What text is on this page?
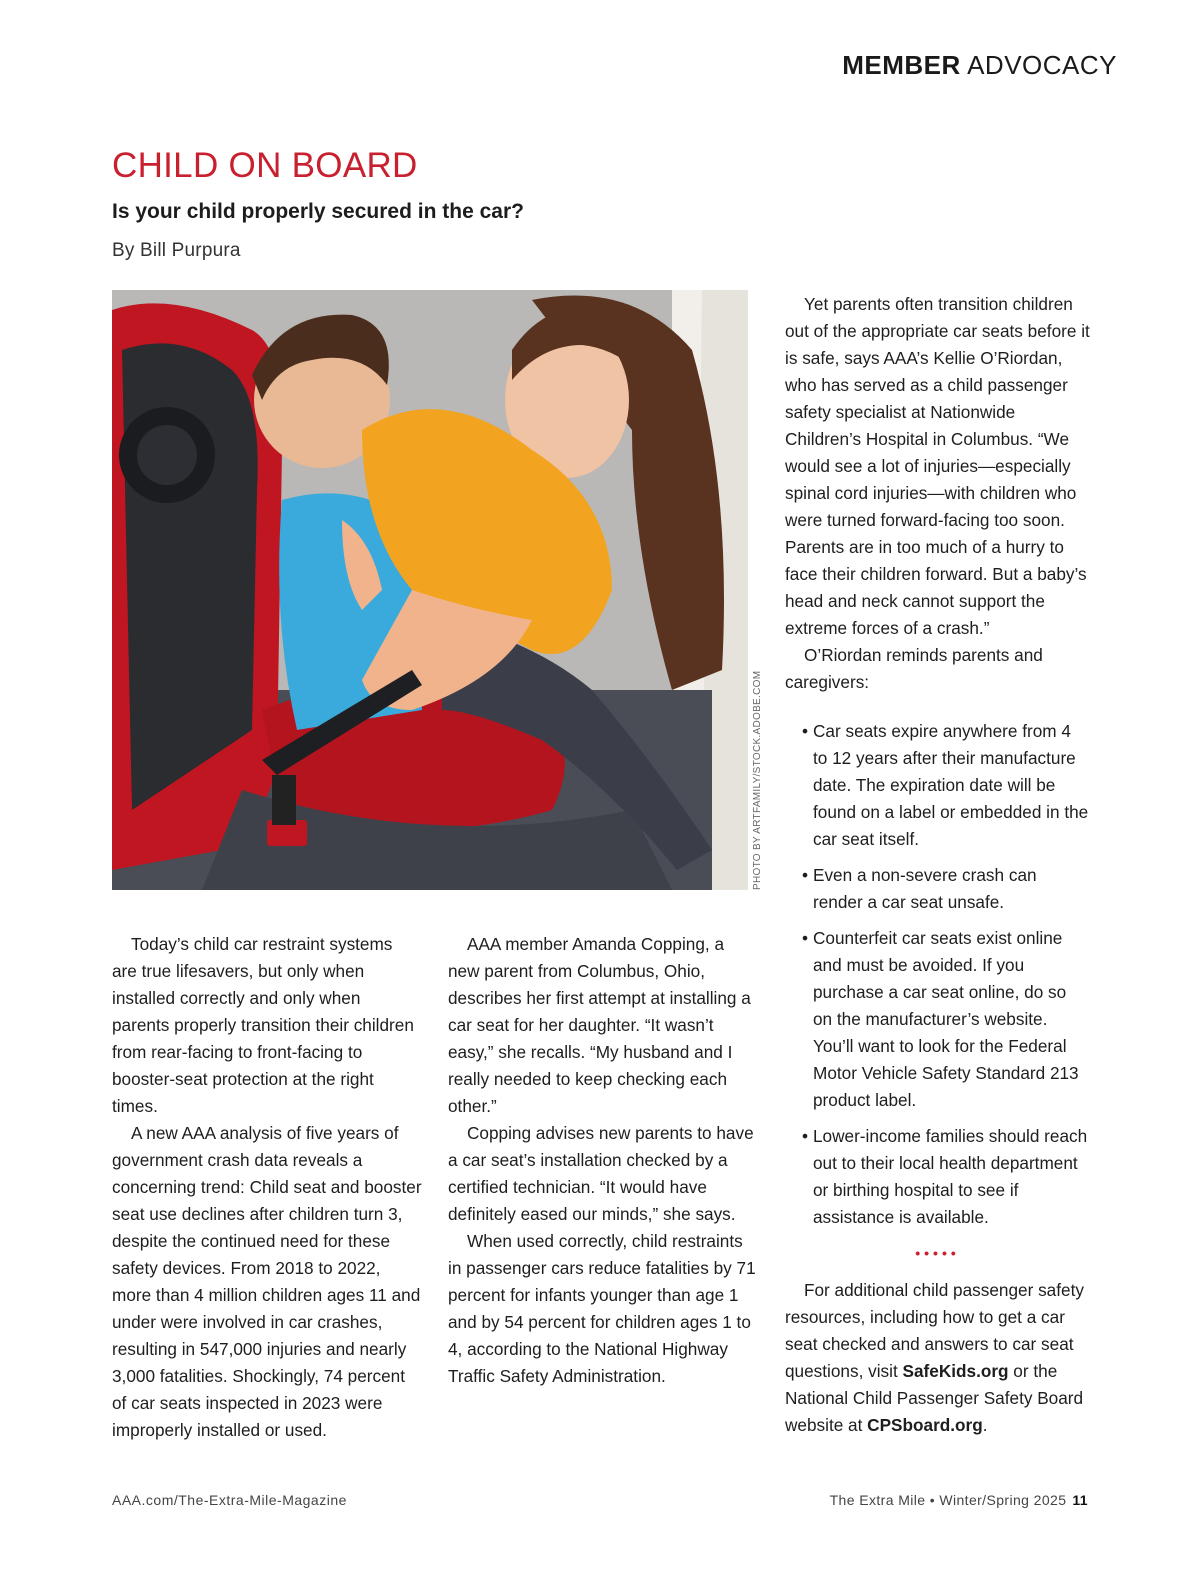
MEMBER ADVOCACY
CHILD ON BOARD
Is your child properly secured in the car?
By Bill Purpura
PHOTO BY ARTFAMILY/STOCK.ADOBE.COM

Today’s child car restraint systems are true lifesavers, but only when installed correctly and only when parents properly transition their children from rear-facing to front-facing to booster-seat protection at the right times.

A new AAA analysis of five years of government crash data reveals a concerning trend: Child seat and booster seat use declines after children turn 3, despite the continued need for these safety devices. From 2018 to 2022, more than 4 million children ages 11 and under were involved in car crashes, resulting in 547,000 injuries and nearly 3,000 fatalities. Shockingly, 74 percent of car seats inspected in 2023 were improperly installed or used.

AAA member Amanda Copping, a new parent from Columbus, Ohio, describes her first attempt at installing a car seat for her daughter. “It wasn’t easy,” she recalls. “My husband and I really needed to keep checking each other.”

Copping advises new parents to have a car seat’s installation checked by a certified technician. “It would have definitely eased our minds,” she says.

When used correctly, child restraints in passenger cars reduce fatalities by 71 percent for infants younger than age 1 and by 54 percent for children ages 1 to 4, according to the National Highway Traffic Safety Administration.

Yet parents often transition children out of the appropriate car seats before it is safe, says AAA’s Kellie O’Riordan, who has served as a child passenger safety specialist at Nationwide Children’s Hospital in Columbus. “We would see a lot of injuries—especially spinal cord injuries—with children who were turned forward-facing too soon. Parents are in too much of a hurry to face their children forward. But a baby’s head and neck cannot support the extreme forces of a crash.”

O’Riordan reminds parents and caregivers:

• Car seats expire anywhere from 4 to 12 years after their manufacture date. The expiration date will be found on a label or embedded in the car seat itself.
• Even a non-severe crash can render a car seat unsafe.
• Counterfeit car seats exist online and must be avoided. If you purchase a car seat online, do so on the manufacturer’s website. You’ll want to look for the Federal Motor Vehicle Safety Standard 213 product label.
• Lower-income families should reach out to their local health department or birthing hospital to see if assistance is available.
•••••

For additional child passenger safety resources, including how to get a car seat checked and answers to car seat questions, visit SafeKids.org or the National Child Passenger Safety Board website at CPSboard.org.

AAA.com/The-Extra-Mile-Magazine	The Extra Mile • Winter/Spring 2025 11
